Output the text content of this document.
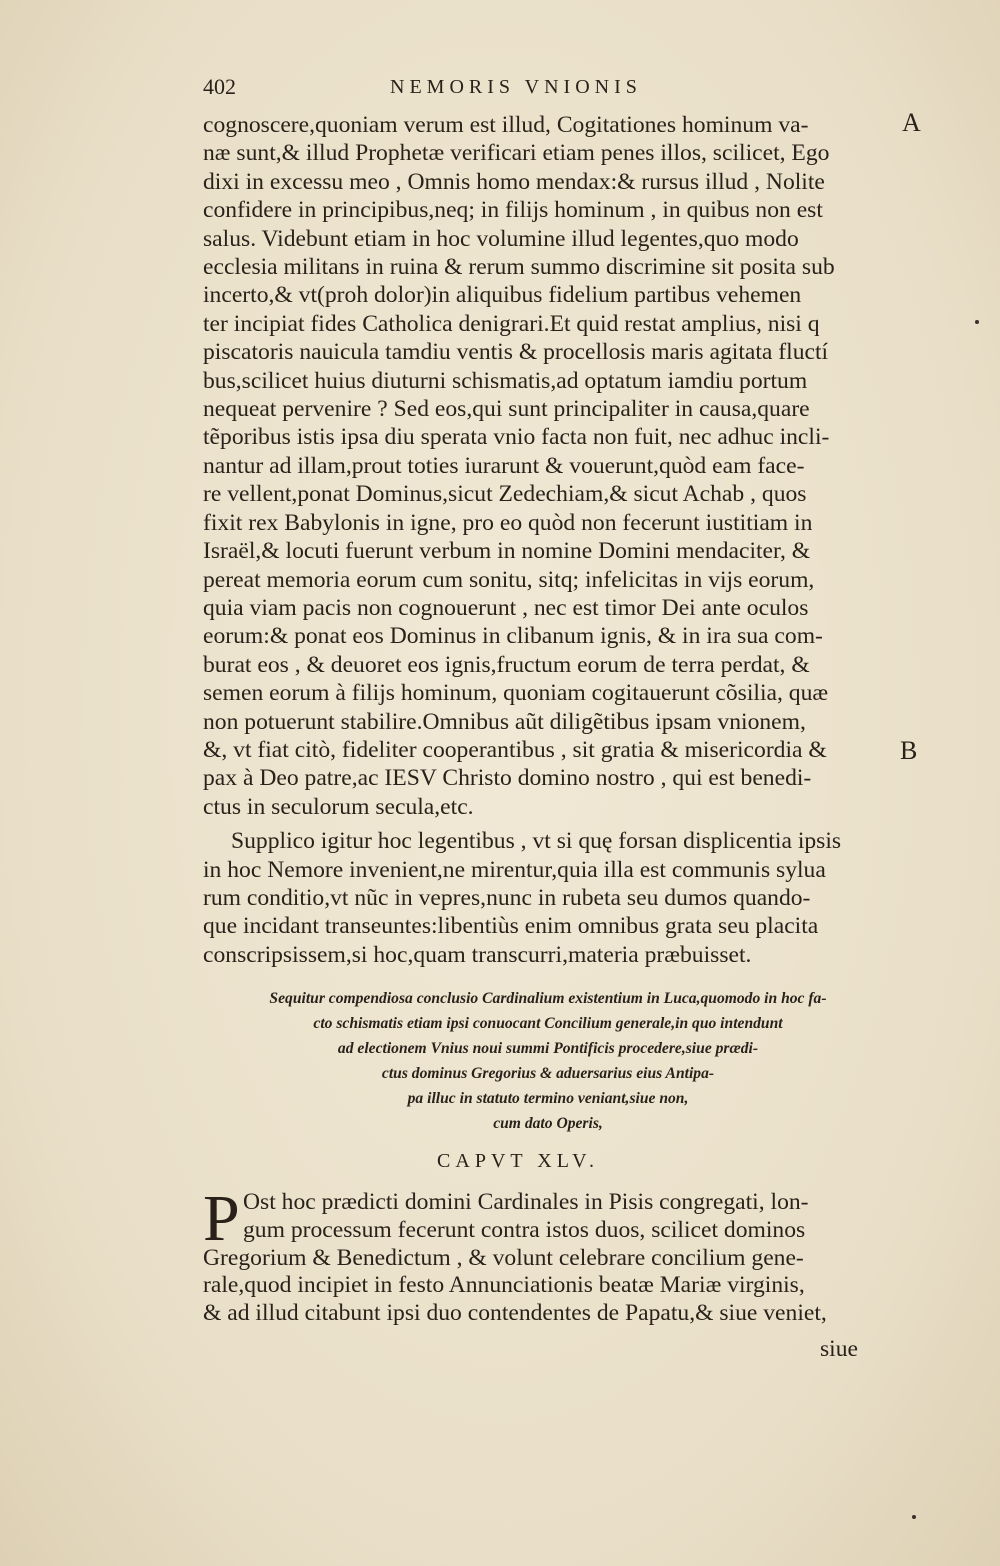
402	NEMORIS VNIONIS
A
B
cognoscere,quoniam verum est illud, Cogitationes hominum va-
næ sunt,& illud Prophetæ verificari etiam penes illos, scilicet, Ego
dixi in excessu meo , Omnis homo mendax:& rursus illud , Nolite
confidere in principibus,neq; in filijs hominum , in quibus non est
salus. Videbunt etiam in hoc volumine illud legentes,quo modo
ecclesia militans in ruina & rerum summo discrimine sit posita sub
incerto,& vt(proh dolor)in aliquibus fidelium partibus vehemen
ter incipiat fides Catholica denigrari.Et quid restat amplius, nisi q
piscatoris nauicula tamdiu ventis & procellosis maris agitata fluctí
bus,scilicet huius diuturni schismatis,ad optatum iamdiu portum
nequeat pervenire ? Sed eos,qui sunt principaliter in causa,quare
tẽporibus istis ipsa diu sperata vnio facta non fuit, nec adhuc incli-
nantur ad illam,prout toties iurarunt & vouerunt,quòd eam face-
re vellent,ponat Dominus,sicut Zedechiam,& sicut Achab , quos
fixit rex Babylonis in igne, pro eo quòd non fecerunt iustitiam in
Israël,& locuti fuerunt verbum in nomine Domini mendaciter, &
pereat memoria eorum cum sonitu, sitq; infelicitas in vijs eorum,
quia viam pacis non cognouerunt , nec est timor Dei ante oculos
eorum:& ponat eos Dominus in clibanum ignis, & in ira sua com-
burat eos , & deuoret eos ignis,fructum eorum de terra perdat, &
semen eorum à filijs hominum, quoniam cogitauerunt cõsilia, quæ
non potuerunt stabilire.Omnibus aũt diligẽtibus ipsam vnionem,
&, vt fiat citò, fideliter cooperantibus , sit gratia & misericordia &
pax à Deo patre,ac IESV Christo domino nostro , qui est benedi-
ctus in seculorum secula,etc.
Supplico igitur hoc legentibus , vt si quę forsan displicentia ipsis
in hoc Nemore invenient,ne mirentur,quia illa est communis sylua
rum conditio,vt nũc in vepres,nunc in rubeta seu dumos quando-
que incidant transeuntes:libentiùs enim omnibus grata seu placita
conscripsissem,si hoc,quam transcurri,materia præbuisset.
Sequitur compendiosa conclusio Cardinalium existentium in Luca,quomodo in hoc fa-
cto schismatis etiam ipsi conuocant Concilium generale,in quo intendunt
ad electionem Vnius noui summi Pontificis procedere,siue prædi-
ctus dominus Gregorius & aduersarius eius Antipa-
pa illuc in statuto termino veniant,siue non,
cum dato Operis,
CAPVT XLV.
P Ost hoc prædicti domini Cardinales in Pisis congregati, lon-
gum processum fecerunt contra istos duos, scilicet dominos
Gregorium & Benedictum , & volunt celebrare concilium gene-
rale,quod incipiet in festo Annunciationis beatæ Mariæ virginis,
& ad illud citabunt ipsi duo contendentes de Papatu,& siue veniet,
siue
